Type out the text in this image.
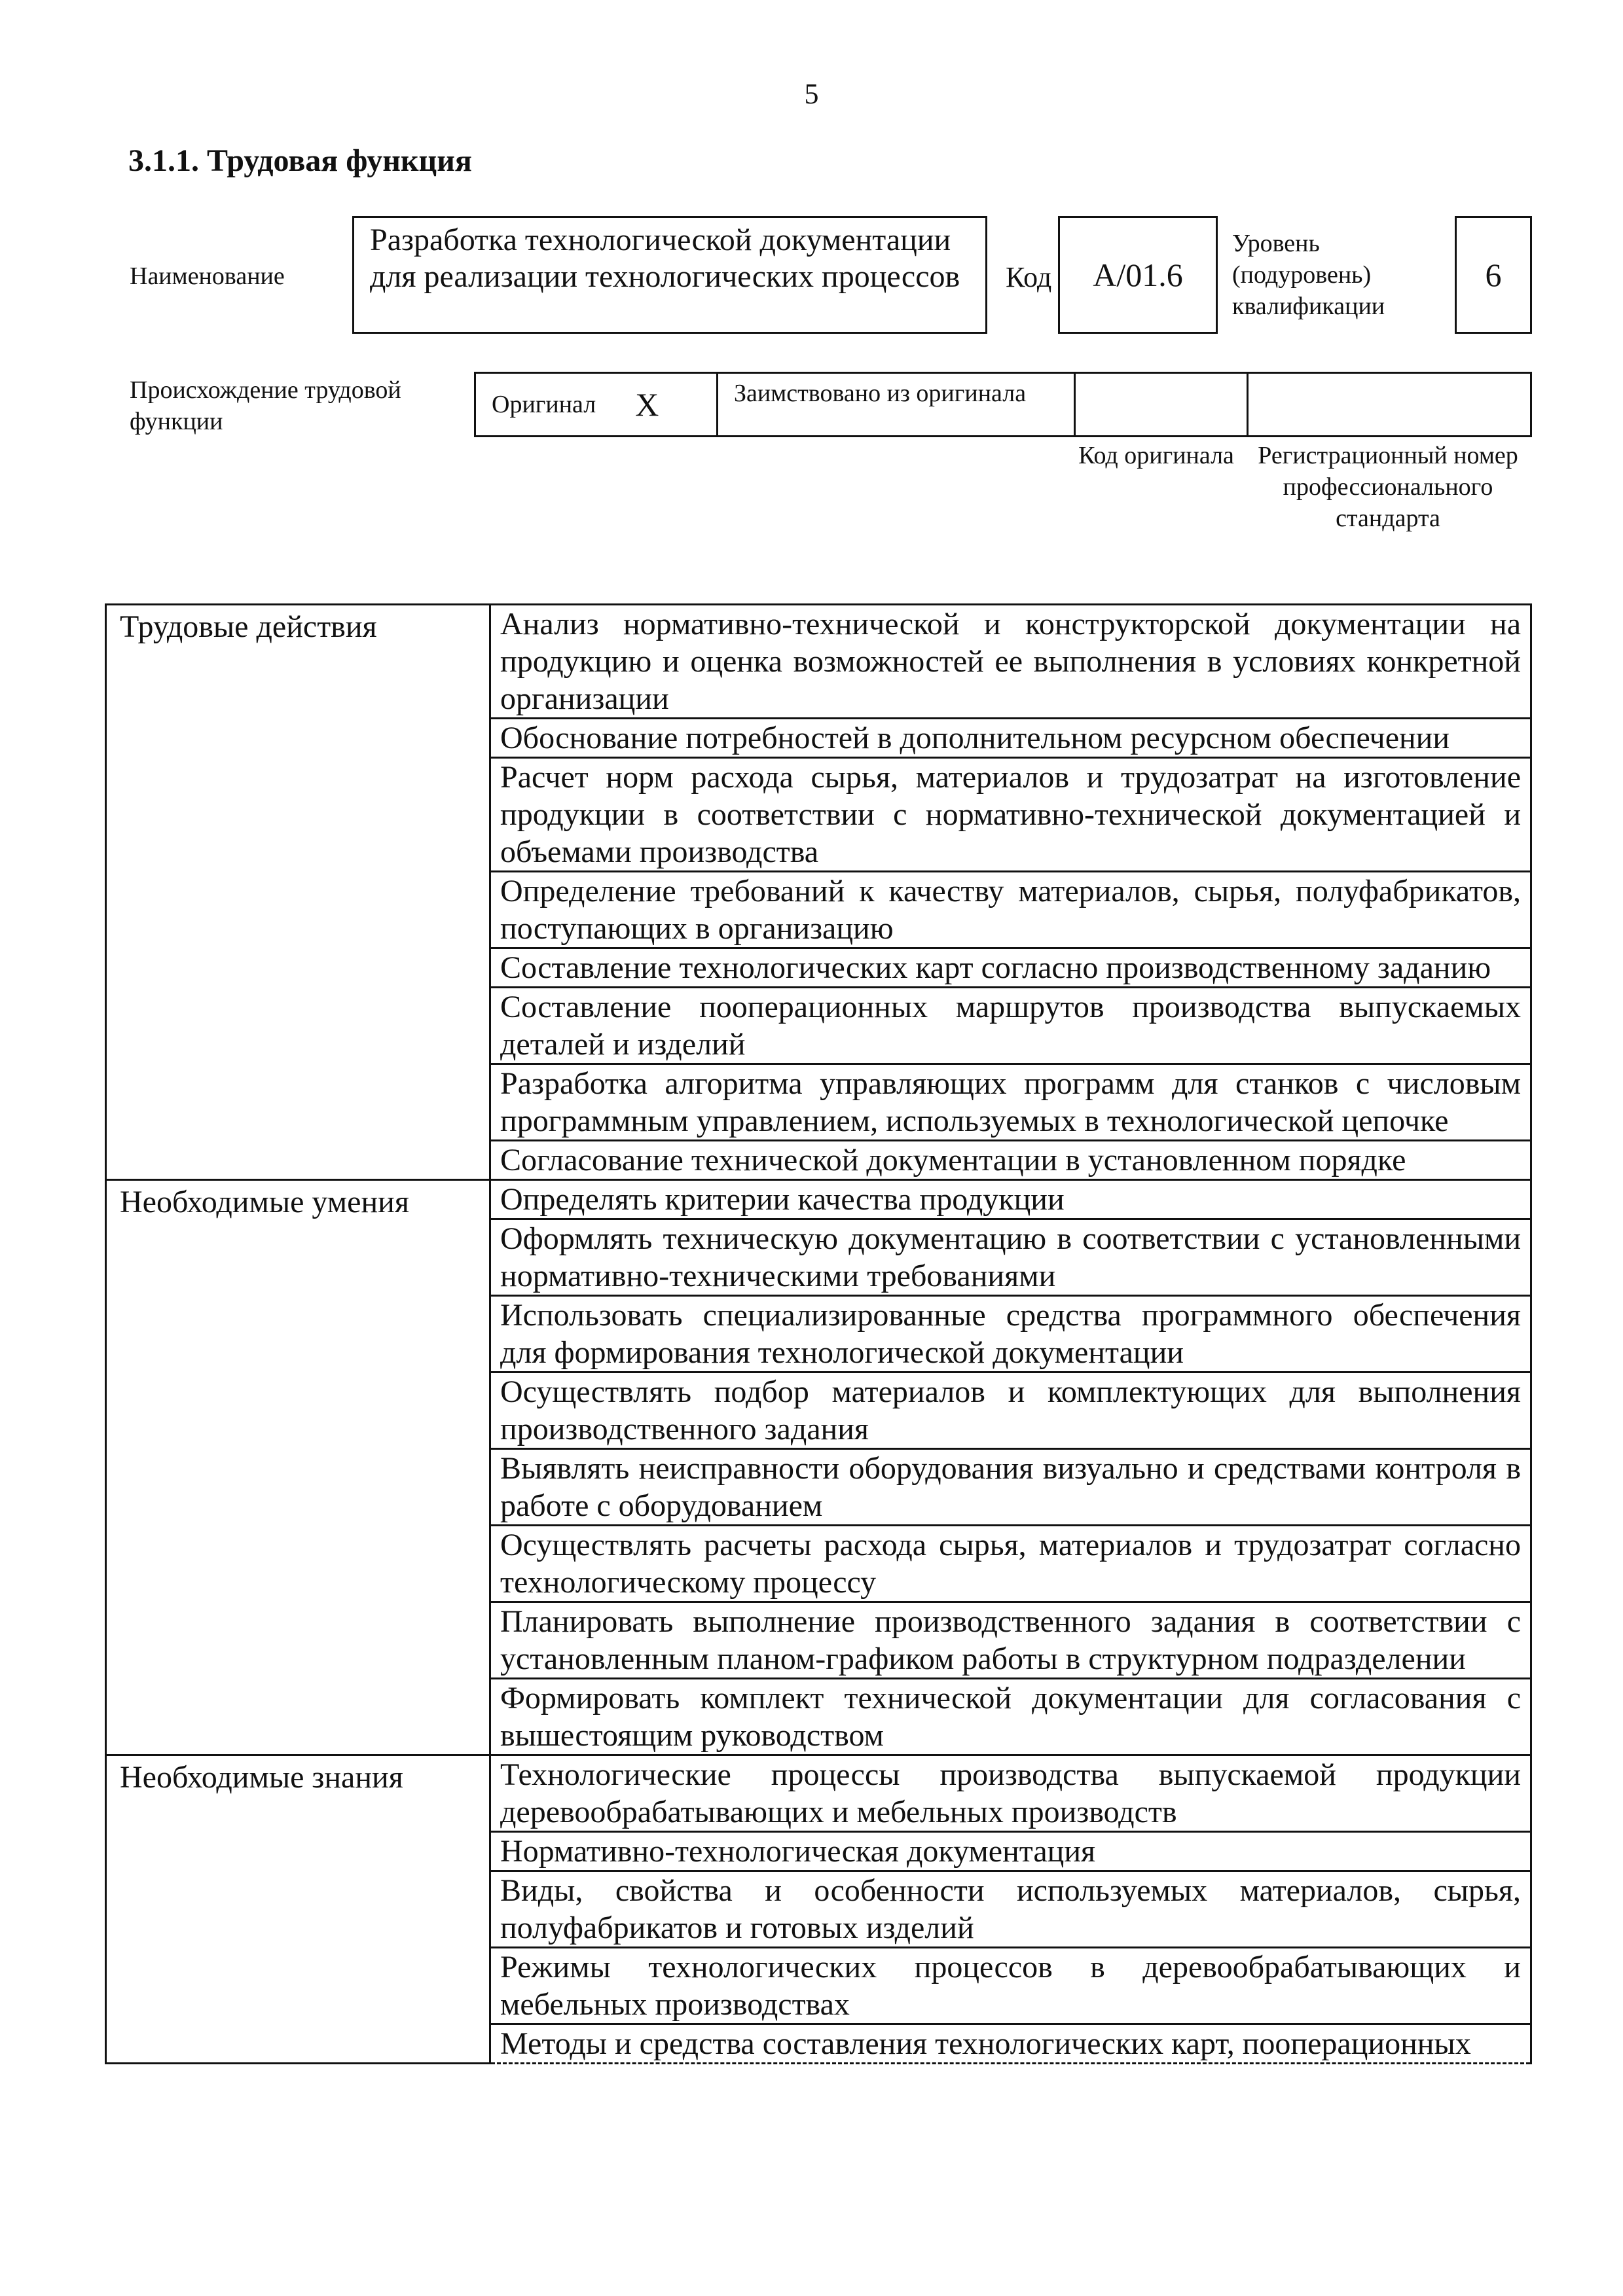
5
3.1.1. Трудовая функция
Наименование
Разработка технологической документации для реализации технологических процессов	Код	A/01.6
Уровень (подуровень) квалификации
6
Происхождение трудовой функции
Оригинал X	Заимствовано из оригинала
Код оригинала Регистрационный номер профессионального стандарта
Трудовые действия	Анализ нормативно-технической и конструкторской документации на продукцию и оценка возможностей ее выполнения в условиях конкретной организации
	Обоснование потребностей в дополнительном ресурсном обеспечении
	Расчет норм расхода сырья, материалов и трудозатрат на изготовление продукции в соответствии с нормативно-технической документацией и объемами производства
	Определение требований к качеству материалов, сырья, полуфабрикатов, поступающих в организацию
	Составление технологических карт согласно производственному заданию
	Составление пооперационных маршрутов производства выпускаемых деталей и изделий
	Разработка алгоритма управляющих программ для станков с числовым программным управлением, используемых в технологической цепочке
	Согласование технической документации в установленном порядке
Необходимые умения	Определять критерии качества продукции
	Оформлять техническую документацию в соответствии с установленными нормативно-техническими требованиями
	Использовать специализированные средства программного обеспечения для формирования технологической документации
	Осуществлять подбор материалов и комплектующих для выполнения производственного задания
	Выявлять неисправности оборудования визуально и средствами контроля в работе с оборудованием
	Осуществлять расчеты расхода сырья, материалов и трудозатрат согласно технологическому процессу
	Планировать выполнение производственного задания в соответствии с установленным планом-графиком работы в структурном подразделении
	Формировать комплект технической документации для согласования с вышестоящим руководством
Необходимые знания	Технологические процессы производства выпускаемой продукции деревообрабатывающих и мебельных производств
	Нормативно-технологическая документация
	Виды, свойства и особенности используемых материалов, сырья, полуфабрикатов и готовых изделий
	Режимы технологических процессов в деревообрабатывающих и мебельных производствах
	Методы и средства составления технологических карт, пооперационных
